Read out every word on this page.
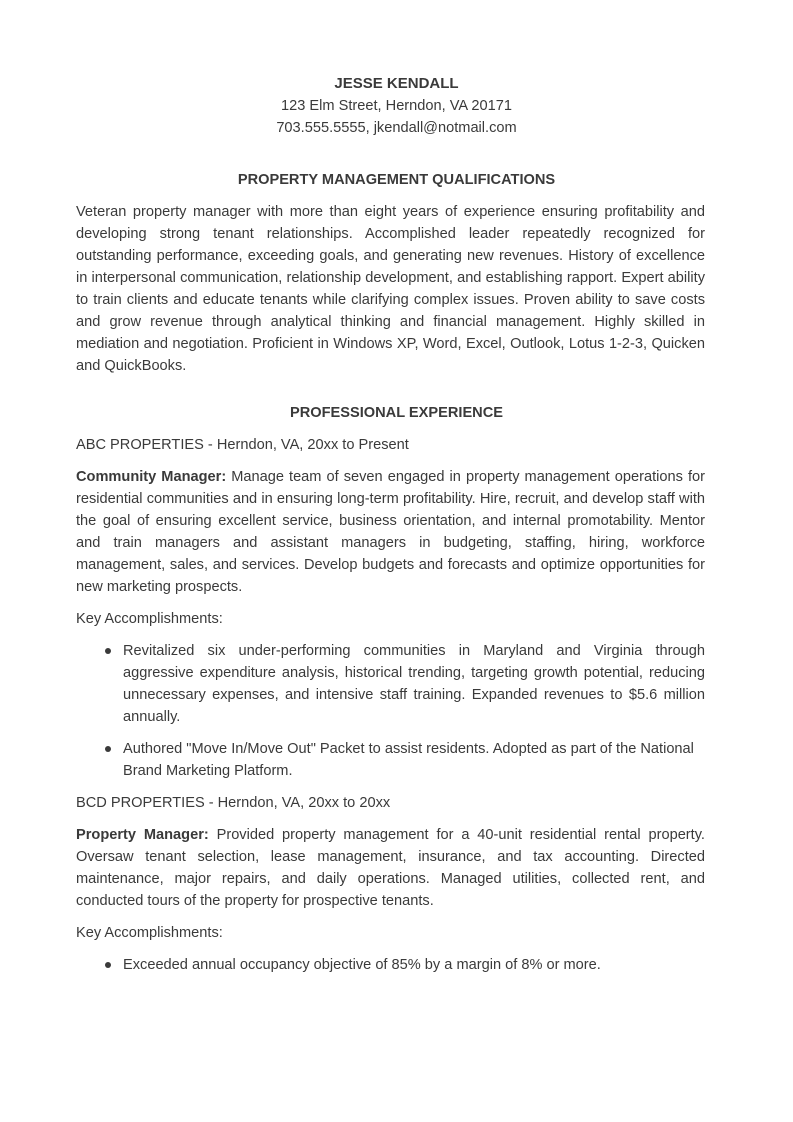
JESSE KENDALL
123 Elm Street, Herndon, VA 20171
703.555.5555, jkendall@notmail.com
PROPERTY MANAGEMENT QUALIFICATIONS

Veteran property manager with more than eight years of experience ensuring profitability and developing strong tenant relationships. Accomplished leader repeatedly recognized for outstanding performance, exceeding goals, and generating new revenues. History of excellence in interpersonal communication, relationship development, and establishing rapport. Expert ability to train clients and educate tenants while clarifying complex issues. Proven ability to save costs and grow revenue through analytical thinking and financial management. Highly skilled in mediation and negotiation. Proficient in Windows XP, Word, Excel, Outlook, Lotus 1-2-3, Quicken and QuickBooks.

PROFESSIONAL EXPERIENCE

ABC PROPERTIES - Herndon, VA, 20xx to Present

Community Manager: Manage team of seven engaged in property management operations for residential communities and in ensuring long-term profitability. Hire, recruit, and develop staff with the goal of ensuring excellent service, business orientation, and internal promotability. Mentor and train managers and assistant managers in budgeting, staffing, hiring, workforce management, sales, and services. Develop budgets and forecasts and optimize opportunities for new marketing prospects.

Key Accomplishments:

Revitalized six under-performing communities in Maryland and Virginia through aggressive expenditure analysis, historical trending, targeting growth potential, reducing unnecessary expenses, and intensive staff training. Expanded revenues to $5.6 million annually.
Authored "Move In/Move Out" Packet to assist residents. Adopted as part of the National Brand Marketing Platform.

BCD PROPERTIES - Herndon, VA, 20xx to 20xx

Property Manager: Provided property management for a 40-unit residential rental property. Oversaw tenant selection, lease management, insurance, and tax accounting. Directed maintenance, major repairs, and daily operations. Managed utilities, collected rent, and conducted tours of the property for prospective tenants.

Key Accomplishments:

Exceeded annual occupancy objective of 85% by a margin of 8% or more.
